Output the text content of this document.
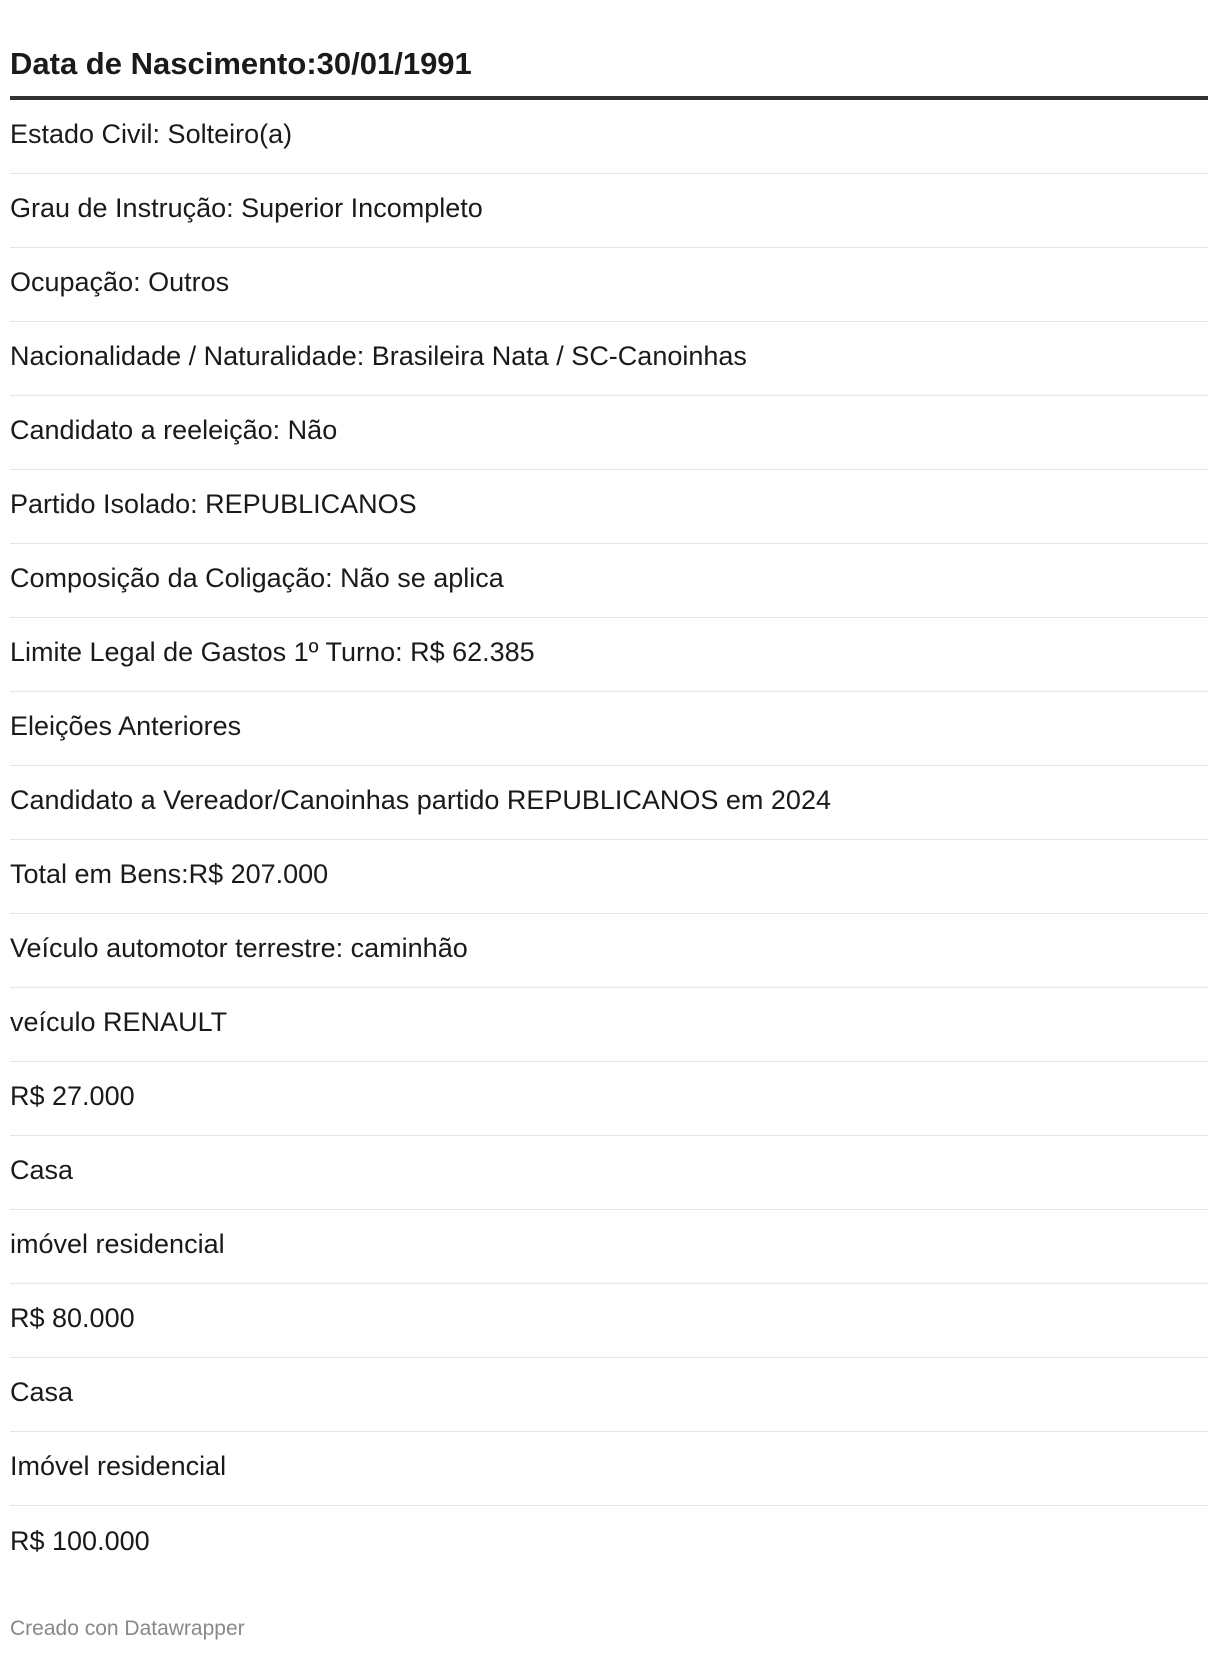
Data de Nascimento:30/01/1991
Estado Civil: Solteiro(a)
Grau de Instrução: Superior Incompleto
Ocupação: Outros
Nacionalidade / Naturalidade: Brasileira Nata / SC-Canoinhas
Candidato a reeleição: Não
Partido Isolado: REPUBLICANOS
Composição da Coligação: Não se aplica
Limite Legal de Gastos 1º Turno: R$ 62.385
Eleições Anteriores
Candidato a Vereador/Canoinhas partido REPUBLICANOS em 2024
Total em Bens:R$ 207.000
Veículo automotor terrestre: caminhão
veículo RENAULT
R$ 27.000
Casa
imóvel residencial
R$ 80.000
Casa
Imóvel residencial
R$ 100.000
Creado con Datawrapper
